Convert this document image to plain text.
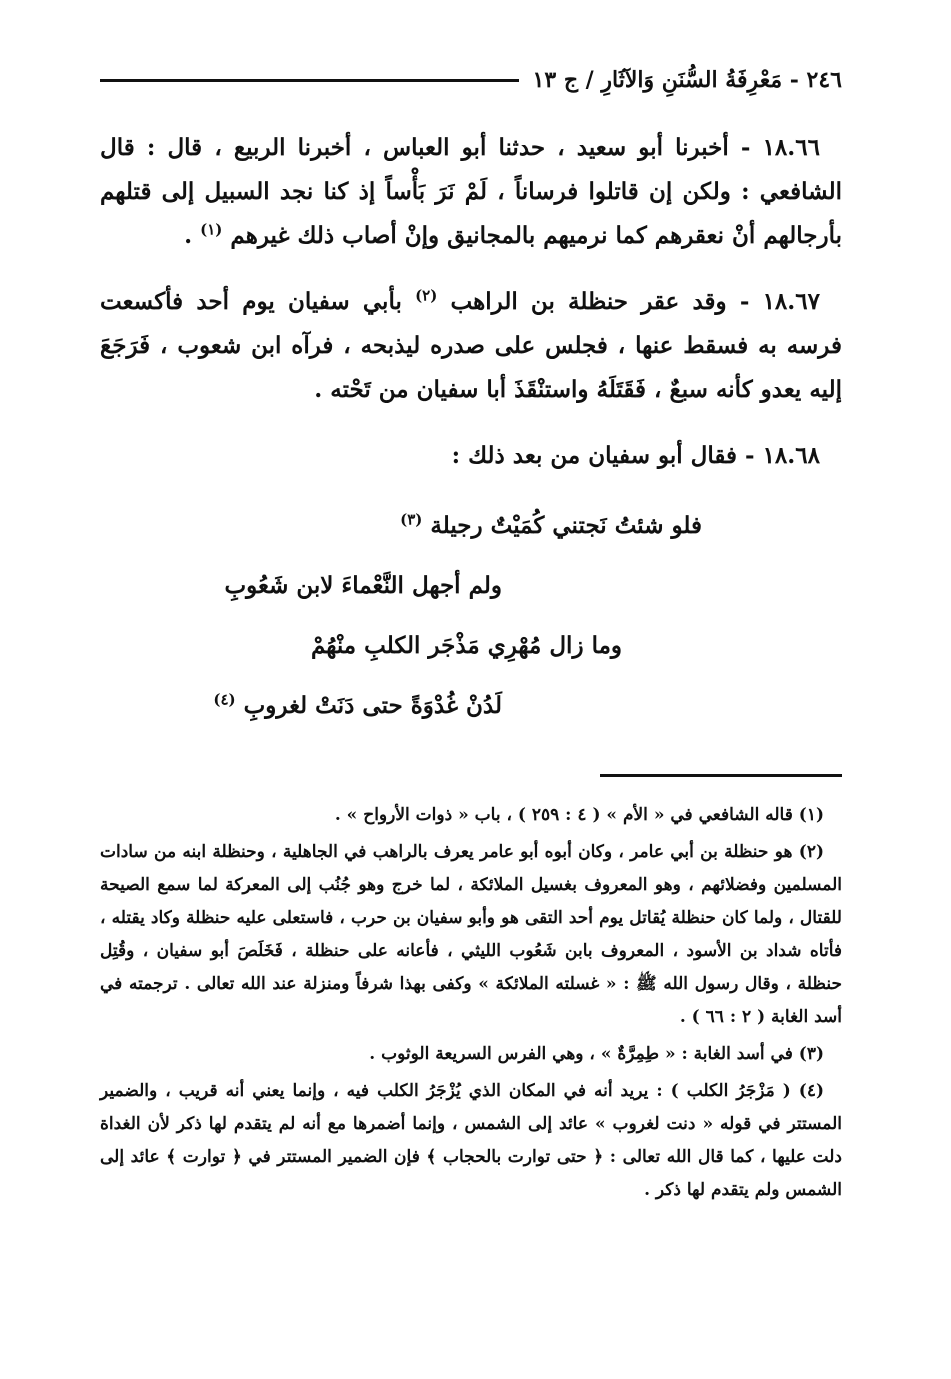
٢٤٦ - مَعْرِفَةُ السُّنَنِ وَالآثَارِ / ج ١٣

١٨.٦٦ - أخبرنا أبو سعيد ، حدثنا أبو العباس ، أخبرنا الربيع ، قال : قال الشافعي : ولكن إن قاتلوا فرساناً ، لَمْ نَرَ بَأْساً إذ كنا نجد السبيل إلى قتلهم بأرجالهم أنْ نعقرهم كما نرميهم بالمجانيق وإنْ أصاب ذلك غيرهم $^{(١)}$ .

١٨.٦٧ - وقد عقر حنظلة بن الراهب $^{(٢)}$ بأبي سفيان يوم أحد فأكسعت فرسه به فسقط عنها ، فجلس على صدره ليذبحه ، فرآه ابن شعوب ، فَرَجَعَ إليه يعدو كأنه سبعٌ ، فَقَتَلَهُ واستنْقَذَ أبا سفيان من تَحْته .

١٨.٦٨ - فقال أبو سفيان من بعد ذلك :

فلو شئتُ نَجتني كُمَيْتٌ رجيلة $^{(٣)}$
ولم أجهل النَّعْماءَ لابن شَعُوبِ
وما زال مُهْرِي مَذْجَر الكلبِ منْهُمْ
لَدُنْ غُدْوَةً حتى دَنَتْ لغروبِ $^{(٤)}$

(١) قاله الشافعي في « الأم » ( ٤ : ٢٥٩ ) ، باب « ذوات الأرواح » .

(٢) هو حنظلة بن أبي عامر ، وكان أبوه أبو عامر يعرف بالراهب في الجاهلية ، وحنظلة ابنه من سادات المسلمين وفضلائهم ، وهو المعروف بغسيل الملائكة ، لما خرج وهو جُنُب إلى المعركة لما سمع الصيحة للقتال ، ولما كان حنظلة يُقاتل يوم أحد التقى هو وأبو سفيان بن حرب ، فاستعلى عليه حنظلة وكاد يقتله ، فأتاه شداد بن الأسود ، المعروف بابن شَعُوب الليثي ، فأعانه على حنظلة ، فَخَلَصَ أبو سفيان ، وقُتِل حنظلة ، وقال رسول الله ﷺ : « غسلته الملائكة » وكفى بهذا شرفاً ومنزلة عند الله تعالى . ترجمته في أسد الغابة ( ٢ : ٦٦ ) .

(٣) في أسد الغابة : « طِمِرَّةٌ » ، وهي الفرس السريعة الوثوب .

(٤) ( مَزْجَرُ الكلب ) : يريد أنه في المكان الذي يُزْجَرُ الكلب فيه ، وإنما يعني أنه قريب ، والضمير المستتر في قوله « دنت لغروب » عائد إلى الشمس ، وإنما أضمرها مع أنه لم يتقدم لها ذكر لأن الغداة دلت عليها ، كما قال الله تعالى : ﴿ حتى توارت بالحجاب ﴾ فإن الضمير المستتر في ﴿ توارت ﴾ عائد إلى الشمس ولم يتقدم لها ذكر .
